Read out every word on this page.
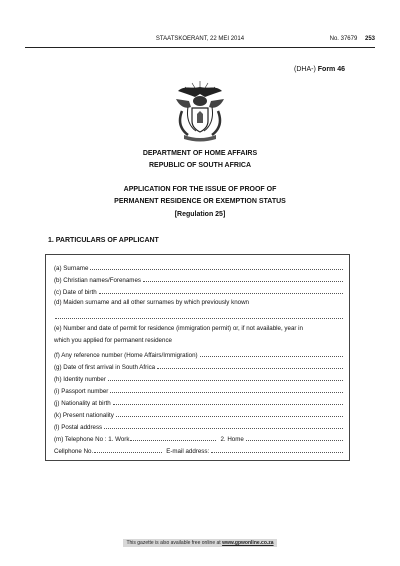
STAATSKOERANT, 22 MEI 2014	No. 37679 253
(DHA-) Form 46
DEPARTMENT OF HOME AFFAIRS
REPUBLIC OF SOUTH AFRICA
APPLICATION FOR THE ISSUE OF PROOF OF
PERMANENT RESIDENCE OR EXEMPTION STATUS
[Regulation 25]
1. PARTICULARS OF APPLICANT
(a) Surname
(b) Christian names/Forenames
(c) Date of birth
(d) Maiden surname and all other surnames by which previously known
(e) Number and date of permit for residence (immigration permit) or, if not available, year in
which you applied for permanent residence
(f) Any reference number (Home Affairs/Immigration)
(g) Date of first arrival in South Africa
(h) Identity number
(i) Passport number
(j) Nationality at birth
(k) Present nationality
(l) Postal address
(m) Telephone No : 1. Work	2. Home
Cellphone No.	E-mail address:
This gazette is also available free online at www.gpwonline.co.za
